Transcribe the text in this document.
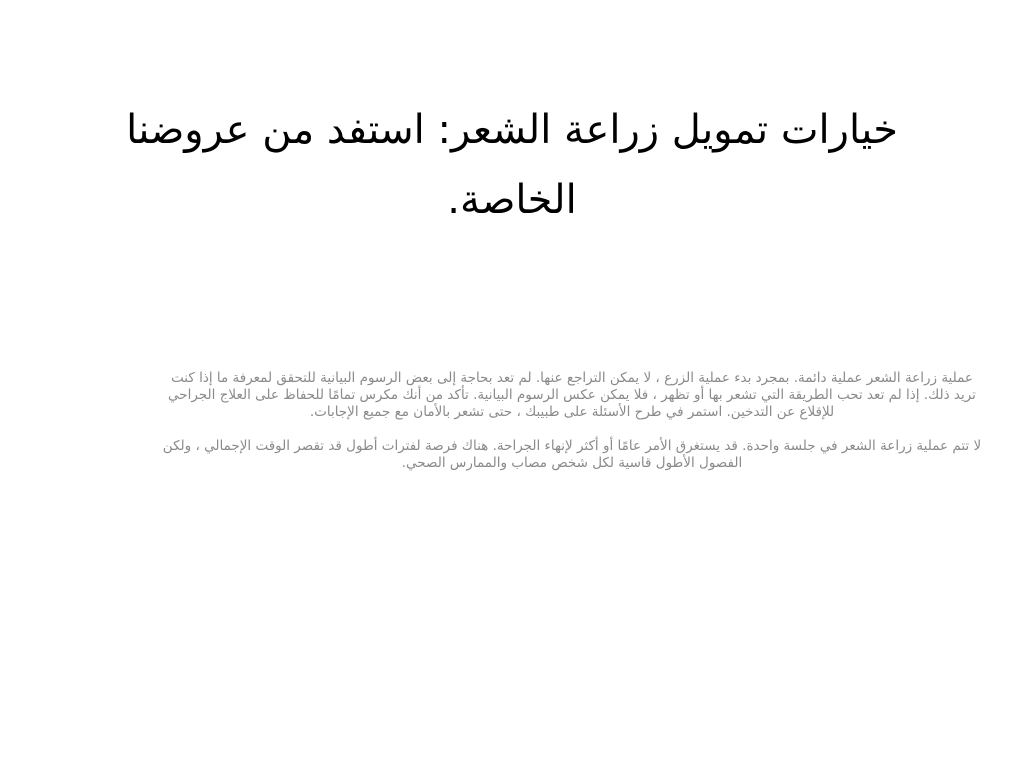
خيارات تمويل زراعة الشعر: استفد من عروضنا الخاصة.

عملية زراعة الشعر عملية دائمة. بمجرد بدء عملية الزرع ، لا يمكن التراجع عنها. لم تعد بحاجة إلى بعض الرسوم البيانية للتحقق لمعرفة ما إذا كنت تريد ذلك. إذا لم تعد تحب الطريقة التي تشعر بها أو تظهر ، فلا يمكن عكس الرسوم البيانية. تأكد من أنك مكرس تمامًا للحفاظ على العلاج الجراحي للإقلاع عن التدخين. استمر في طرح الأسئلة على طبيبك ، حتى تشعر بالأمان مع جميع الإجابات.

لا تتم عملية زراعة الشعر في جلسة واحدة. قد يستغرق الأمر عامًا أو أكثر لإنهاء الجراحة. هناك فرصة لفترات أطول قد تقصر الوقت الإجمالي ، ولكن الفصول الأطول قاسية لكل شخص مصاب والممارس الصحي.
